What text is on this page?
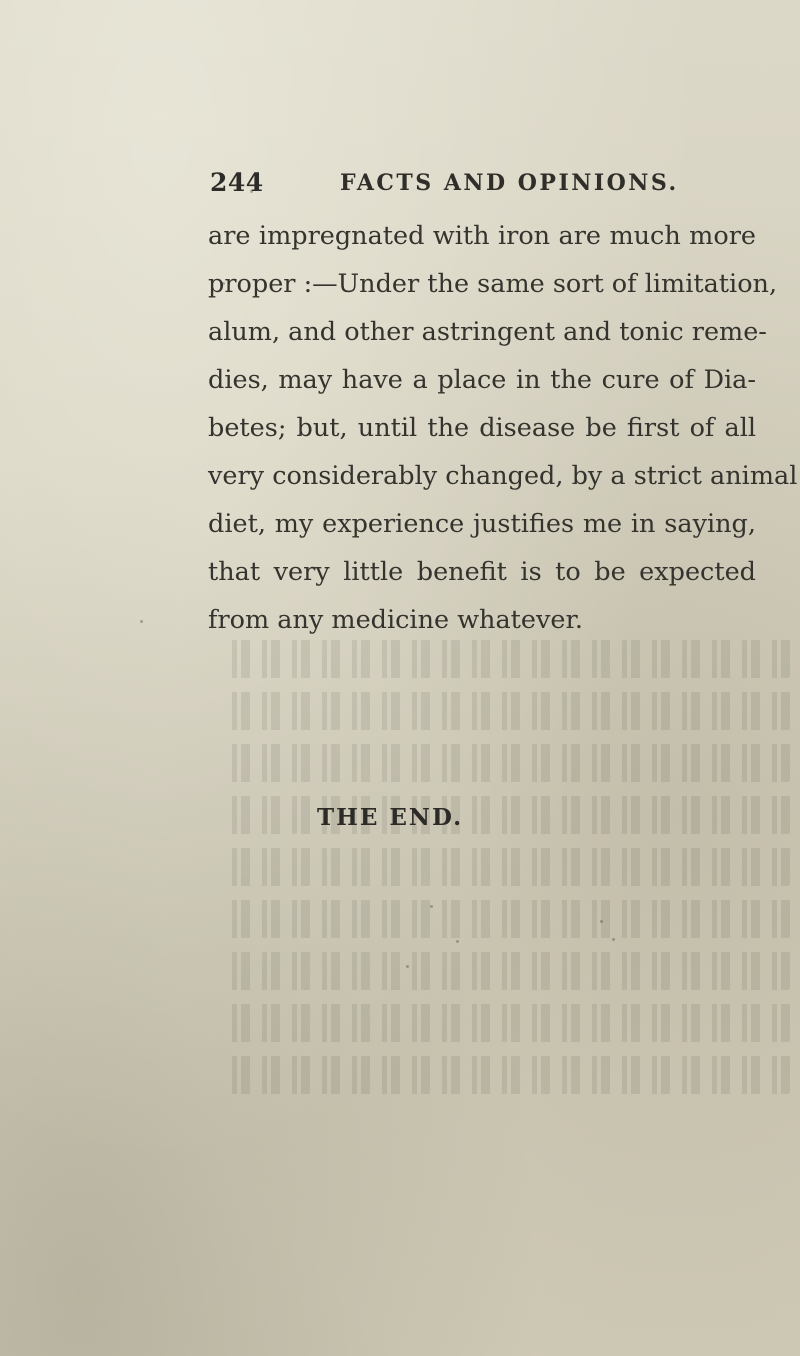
244	FACTS AND OPINIONS.
are impregnated with iron are much more
proper :—Under the same sort of limitation,
alum, and other astringent and tonic reme-
dies, may have a place in the cure of Dia-
betes; but, until the disease be first of all
very considerably changed, by a strict animal
diet, my experience justifies me in saying,
that very little benefit is to be expected
from any medicine whatever.
THE END.
